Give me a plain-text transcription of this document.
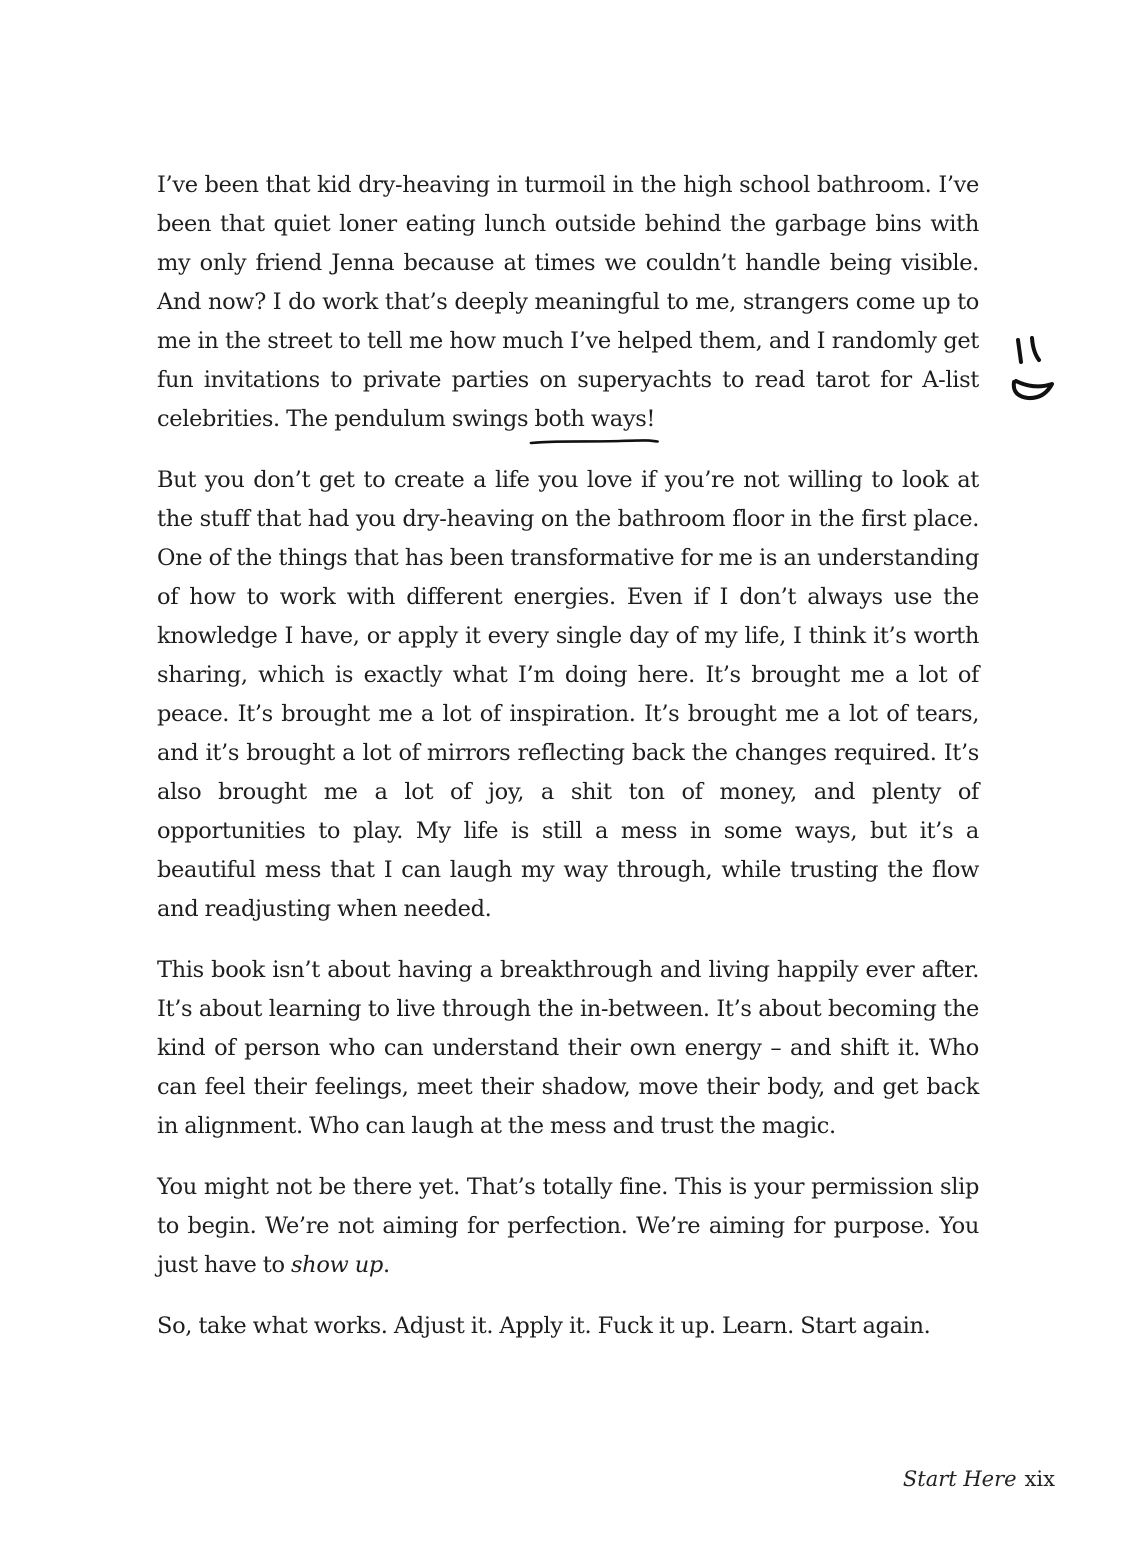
I’ve been that kid dry-heaving in turmoil in the high school bathroom. I’ve been that quiet loner eating lunch outside behind the garbage bins with my only friend Jenna because at times we couldn’t handle being visible. And now? I do work that’s deeply meaningful to me, strangers come up to me in the street to tell me how much I’ve helped them, and I randomly get fun invitations to private parties on superyachts to read tarot for A-list celebrities. The pendulum swings both ways!

But you don’t get to create a life you love if you’re not willing to look at the stuff that had you dry-heaving on the bathroom floor in the first place. One of the things that has been transformative for me is an understanding of how to work with different energies. Even if I don’t always use the knowledge I have, or apply it every single day of my life, I think it’s worth sharing, which is exactly what I’m doing here. It’s brought me a lot of peace. It’s brought me a lot of inspiration. It’s brought me a lot of tears, and it’s brought a lot of mirrors reflecting back the changes required. It’s also brought me a lot of joy, a shit ton of money, and plenty of opportunities to play. My life is still a mess in some ways, but it’s a beautiful mess that I can laugh my way through, while trusting the flow and readjusting when needed.

This book isn’t about having a breakthrough and living happily ever after. It’s about learning to live through the in-between. It’s about becoming the kind of person who can understand their own energy – and shift it. Who can feel their feelings, meet their shadow, move their body, and get back in alignment. Who can laugh at the mess and trust the magic.

You might not be there yet. That’s totally fine. This is your permission slip to begin. We’re not aiming for perfection. We’re aiming for purpose. You just have to show up.

So, take what works. Adjust it. Apply it. Fuck it up. Learn. Start again.

Start Here xix
